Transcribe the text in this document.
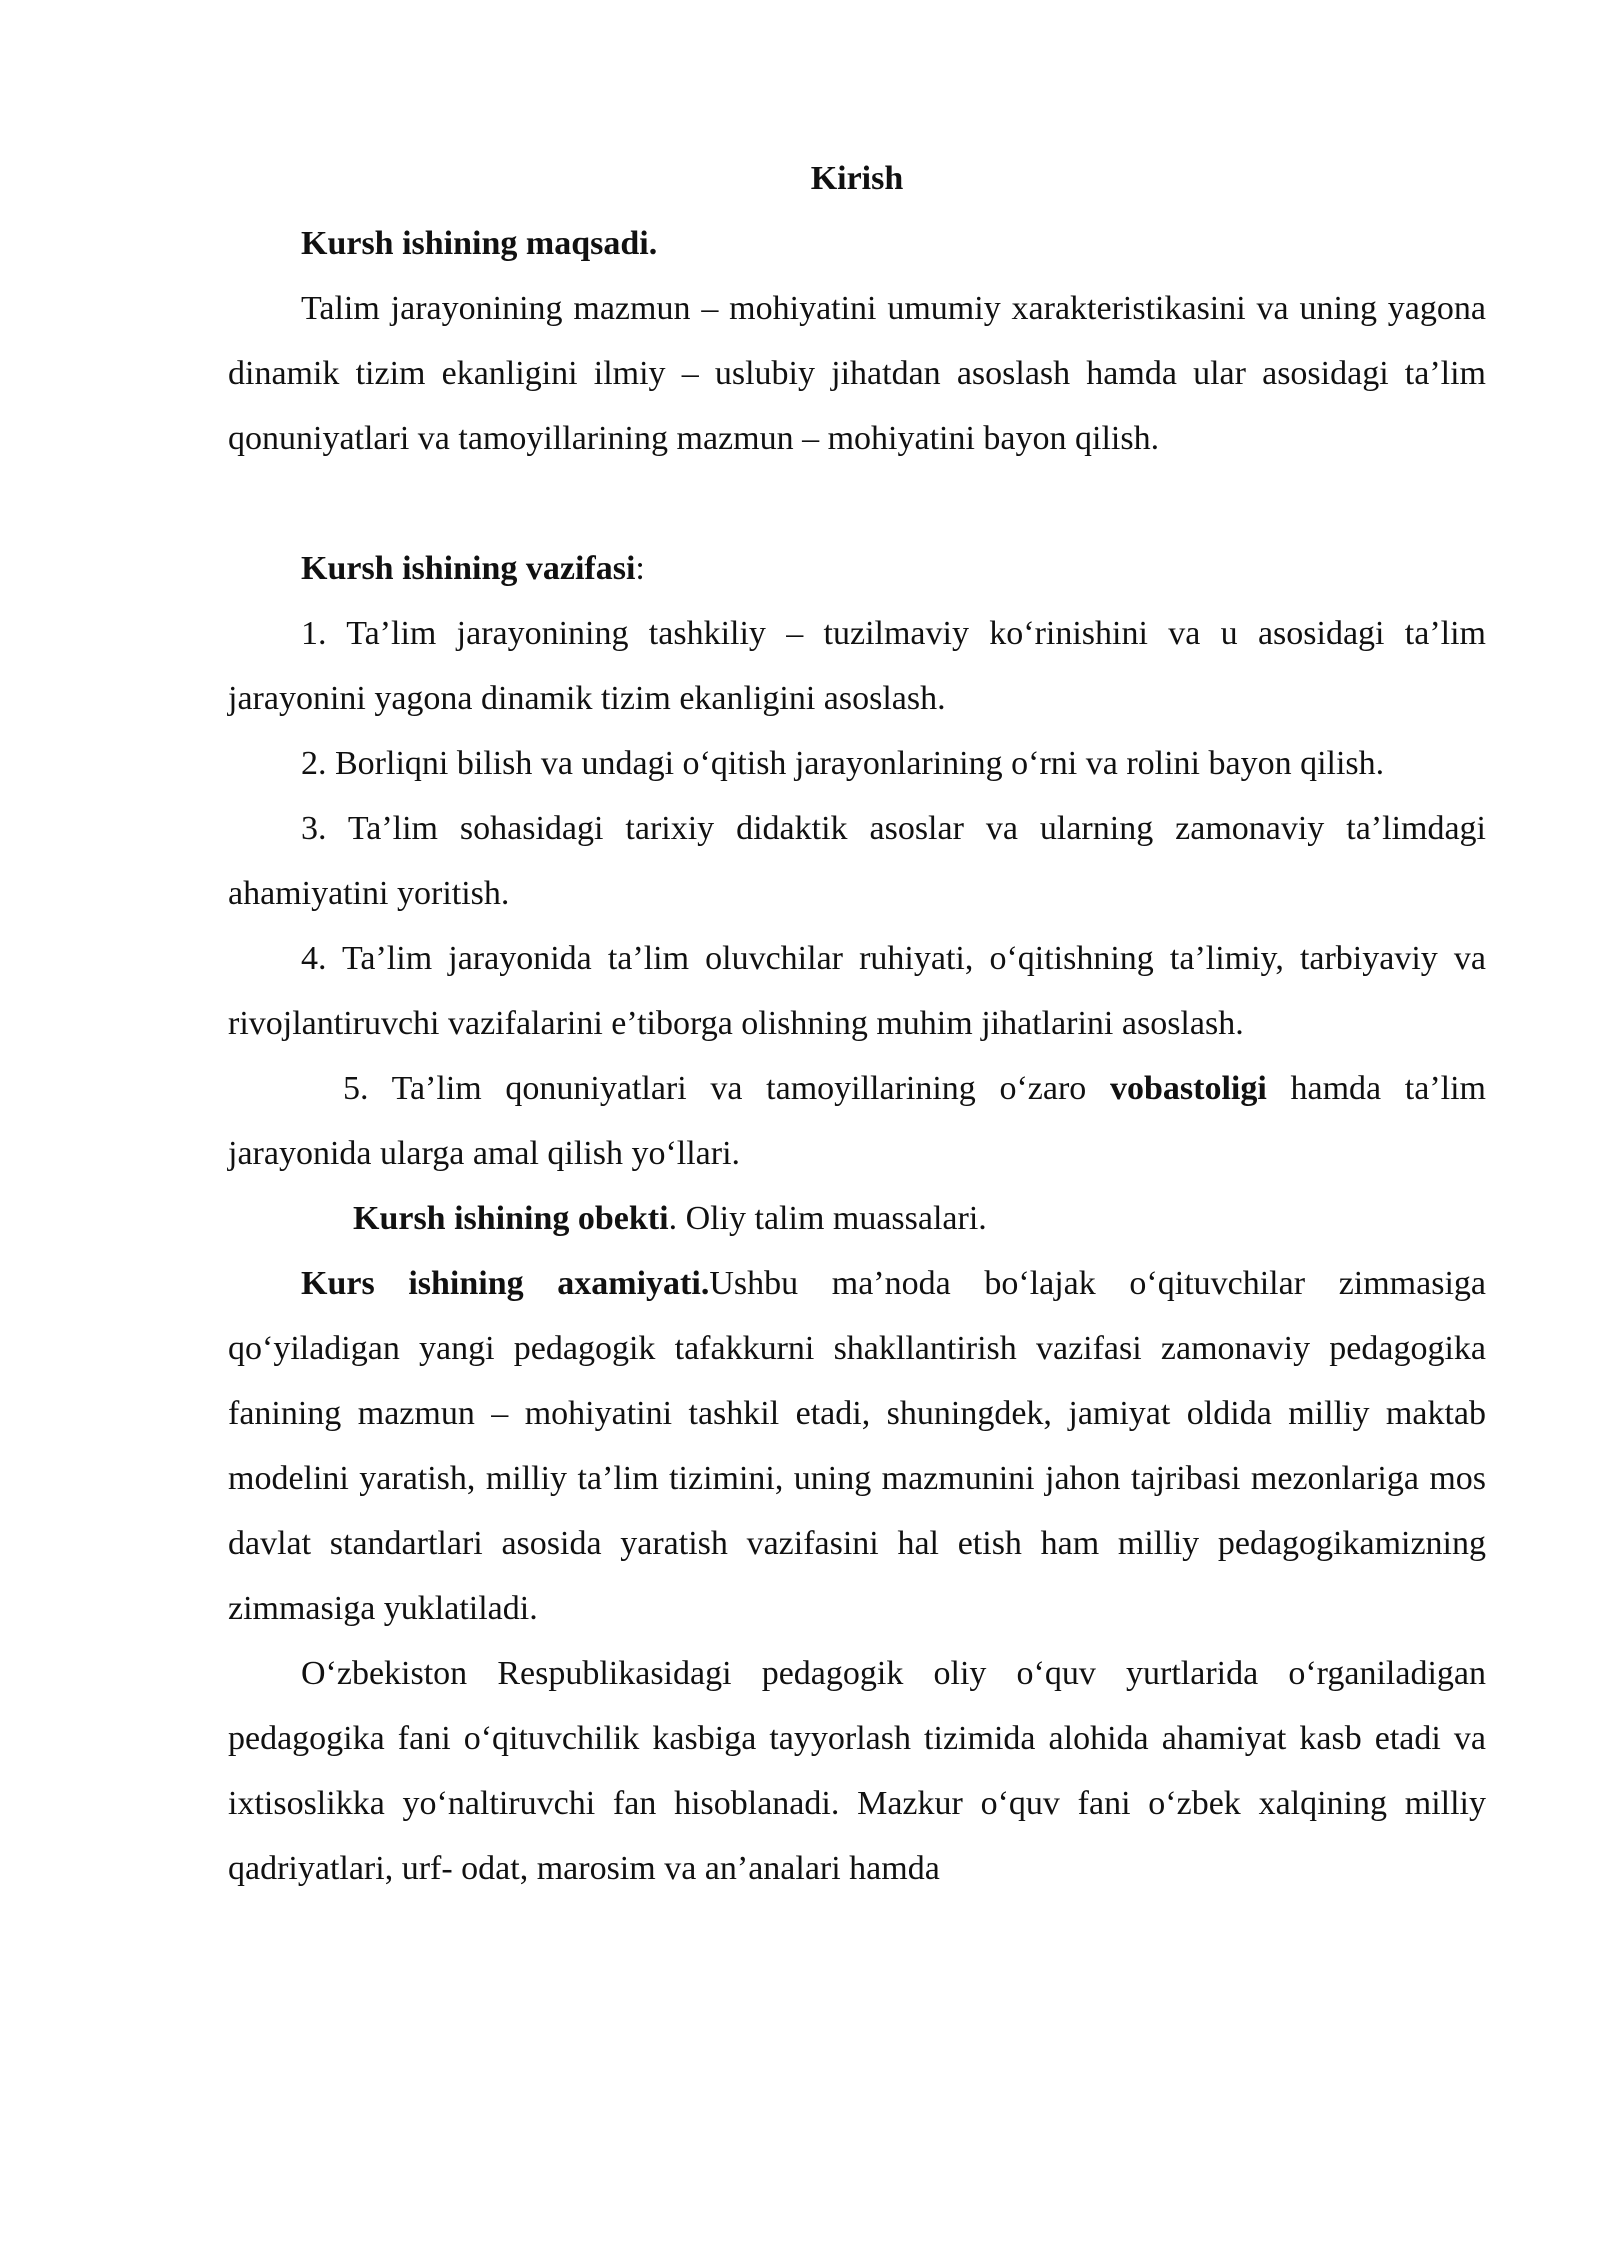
Kirish

Kursh ishining maqsadi.

Talim jarayonining mazmun – mohiyatini umumiy xarakteristikasini va uning yagona dinamik tizim ekanligini ilmiy – uslubiy jihatdan asoslash hamda ular asosidagi ta’lim qonuniyatlari va tamoyillarining mazmun – mohiyatini bayon qilish.

Kursh ishining vazifasi:

1. Ta’lim jarayonining tashkiliy – tuzilmaviy ko‘rinishini va u asosidagi ta’lim jarayonini yagona dinamik tizim ekanligini asoslash.

2. Borliqni bilish va undagi o‘qitish jarayonlarining o‘rni va rolini bayon qilish.

3. Ta’lim sohasidagi tarixiy didaktik asoslar va ularning zamonaviy ta’limdagi ahamiyatini yoritish.

4. Ta’lim jarayonida ta’lim oluvchilar ruhiyati, o‘qitishning ta’limiy, tarbiyaviy va rivojlantiruvchi vazifalarini e’tiborga olishning muhim jihatlarini asoslash.

5. Ta’lim qonuniyatlari va tamoyillarining o‘zaro vobastoligi hamda ta’lim jarayonida ularga amal qilish yo‘llari.

Kursh ishining obekti. Oliy talim muassalari.

Kurs ishining axamiyati.Ushbu ma’noda bo‘lajak o‘qituvchilar zimmasiga qo‘yiladigan yangi pedagogik tafakkurni shakllantirish vazifasi zamonaviy pedagogika fanining mazmun – mohiyatini tashkil etadi, shuningdek, jamiyat oldida milliy maktab modelini yaratish, milliy ta’lim tizimini, uning mazmunini jahon tajribasi mezonlariga mos davlat standartlari asosida yaratish vazifasini hal etish ham milliy pedagogikamizning zimmasiga yuklatiladi.

O‘zbekiston Respublikasidagi pedagogik oliy o‘quv yurtlarida o‘rganiladigan pedagogika fani o‘qituvchilik kasbiga tayyorlash tizimida alohida ahamiyat kasb etadi va ixtisoslikka yo‘naltiruvchi fan hisoblanadi. Mazkur o‘quv fani o‘zbek xalqining milliy qadriyatlari, urf- odat, marosim va an’analari hamda
